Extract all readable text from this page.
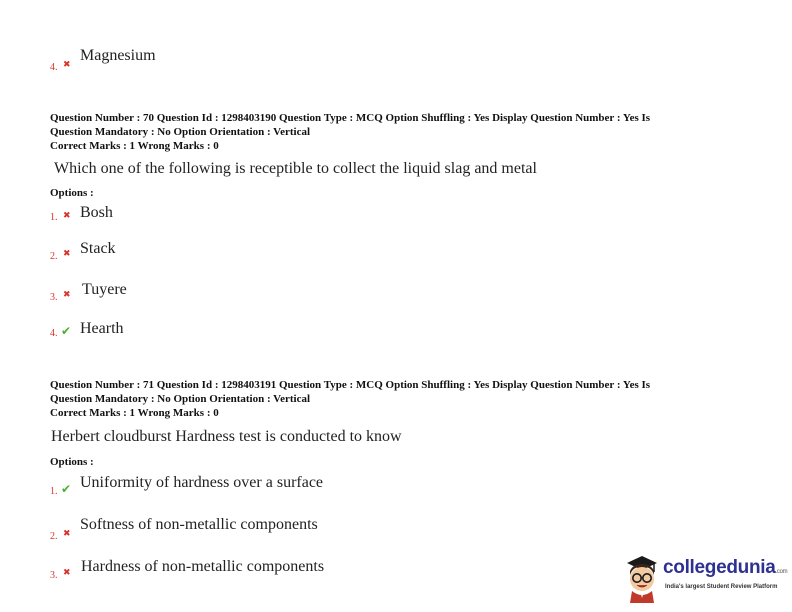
4. ✖
Magnesium
Question Number : 70 Question Id : 1298403190 Question Type : MCQ Option Shuffling : Yes Display Question Number : Yes Is
Question Mandatory : No Option Orientation : Vertical
Correct Marks : 1 Wrong Marks : 0
Which one of the following is receptible to collect the liquid slag and metal
Options :
1. ✖ Bosh
2. ✖ Stack
3. ✖ Tuyere
4. ✔ Hearth
Question Number : 71 Question Id : 1298403191 Question Type : MCQ Option Shuffling : Yes Display Question Number : Yes Is
Question Mandatory : No Option Orientation : Vertical
Correct Marks : 1 Wrong Marks : 0
Herbert cloudburst Hardness test is conducted to know
Options :
1. ✔ Uniformity of hardness over a surface
2. ✖
Softness of non-metallic components
3. ✖ Hardness of non-metallic components	collegedunia.com
India's largest Student Review Platform
